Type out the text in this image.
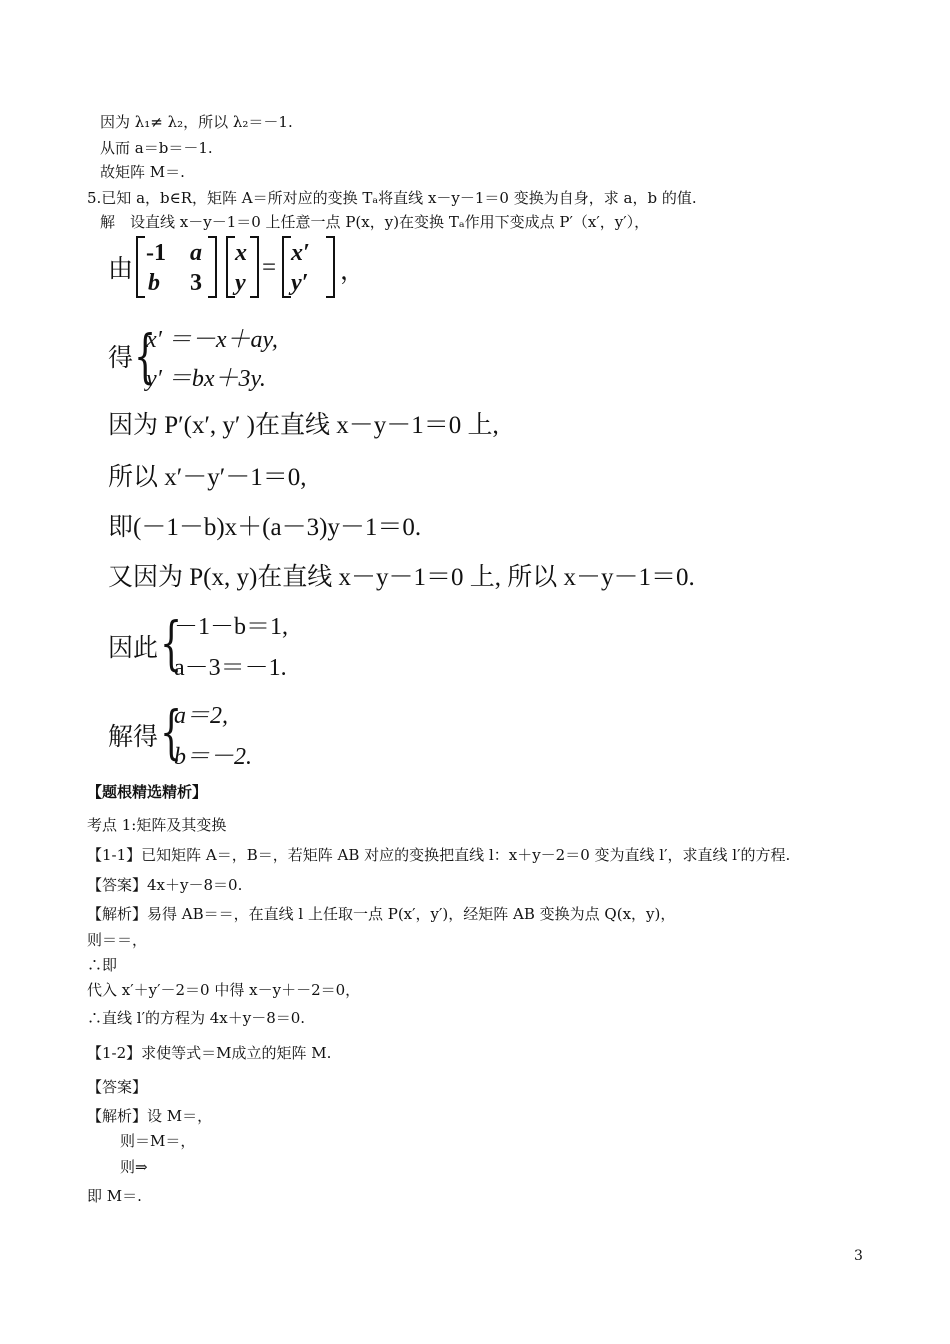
因为 λ₁≠ λ₂，所以 λ₂＝－1.
从而 a＝b＝－1.
故矩阵 M＝.
5.已知 a，b∈R，矩阵 A＝所对应的变换 Tₐ将直线 x－y－1＝0 变换为自身，求 a，b 的值.
解　设直线 x－y－1＝0 上任意一点 P(x，y)在变换 Tₐ作用下变成点 P′（x′，y′），
由
-1 a
b 3
x
y
=
x′
y′ ，
得 {
x′ ＝－x＋ay,
y′ ＝bx＋3y.
因为 P′(x′, y′ )在直线 x－y－1＝0 上,
所以 x′－y′－1＝0,
即(－1－b)x＋(a－3)y－1＝0.
又因为 P(x, y)在直线 x－y－1＝0 上, 所以 x－y－1＝0.
因此 {
－1－b＝1,
a－3＝－1.
解得 {
a＝2,
b＝－2.
【题根精选精析】
考点 1:矩阵及其变换
【1-1】已知矩阵 A＝，B＝，若矩阵 AB 对应的变换把直线 l：x＋y－2＝0 变为直线 l′，求直线 l′的方程.
【答案】4x＋y－8＝0.
【解析】易得 AB＝＝，在直线 l 上任取一点 P(x′，y′)，经矩阵 AB 变换为点 Q(x，y)，
则＝＝，
∴即
代入 x′＋y′－2＝0 中得 x－y＋－2＝0，
∴直线 l′的方程为 4x＋y－8＝0.
【1-2】求使等式＝M成立的矩阵 M.
【答案】
【解析】设 M＝，
则＝M＝，
则⇒
即 M＝.
3
